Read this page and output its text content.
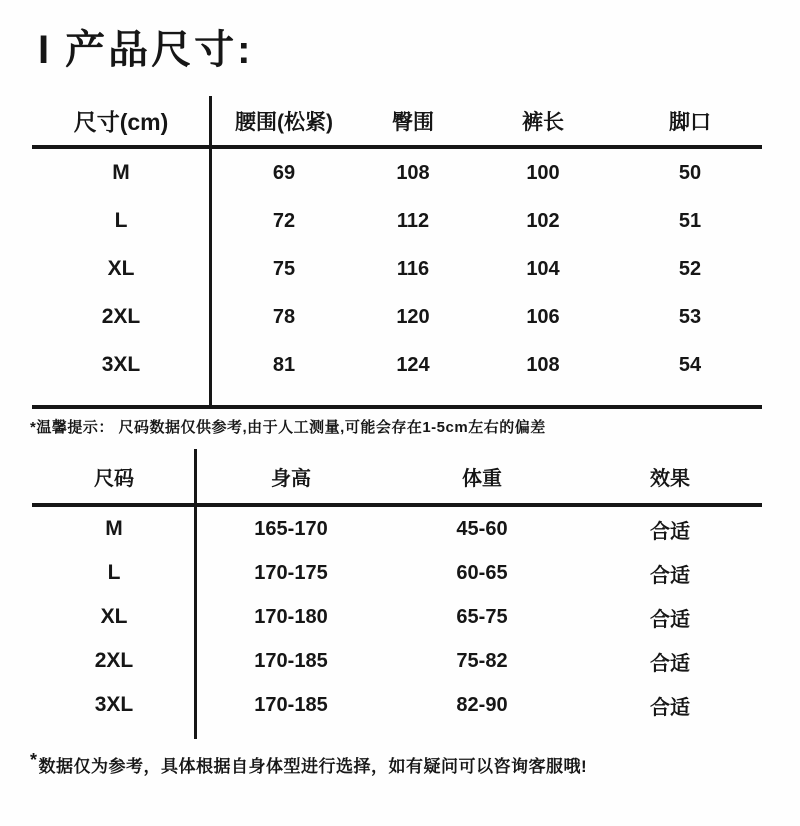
I 产品尺寸:
尺寸(cm)	腰围(松紧)	臀围	裤长	脚口
M	69	108	100	50
L	72	112	102	51
XL	75	116	104	52
2XL	78	120	106	53
3XL	81	124	108	54
*温馨提示： 尺码数据仅供参考,由于人工测量,可能会存在1-5cm左右的偏差
尺码	身高	体重	效果
M	165-170	45-60	合适
L	170-175	60-65	合适
XL	170-180	65-75	合适
2XL	170-185	75-82	合适
3XL	170-185	82-90	合适
*数据仅为参考，具体根据自身体型进行选择，如有疑问可以咨询客服哦!
